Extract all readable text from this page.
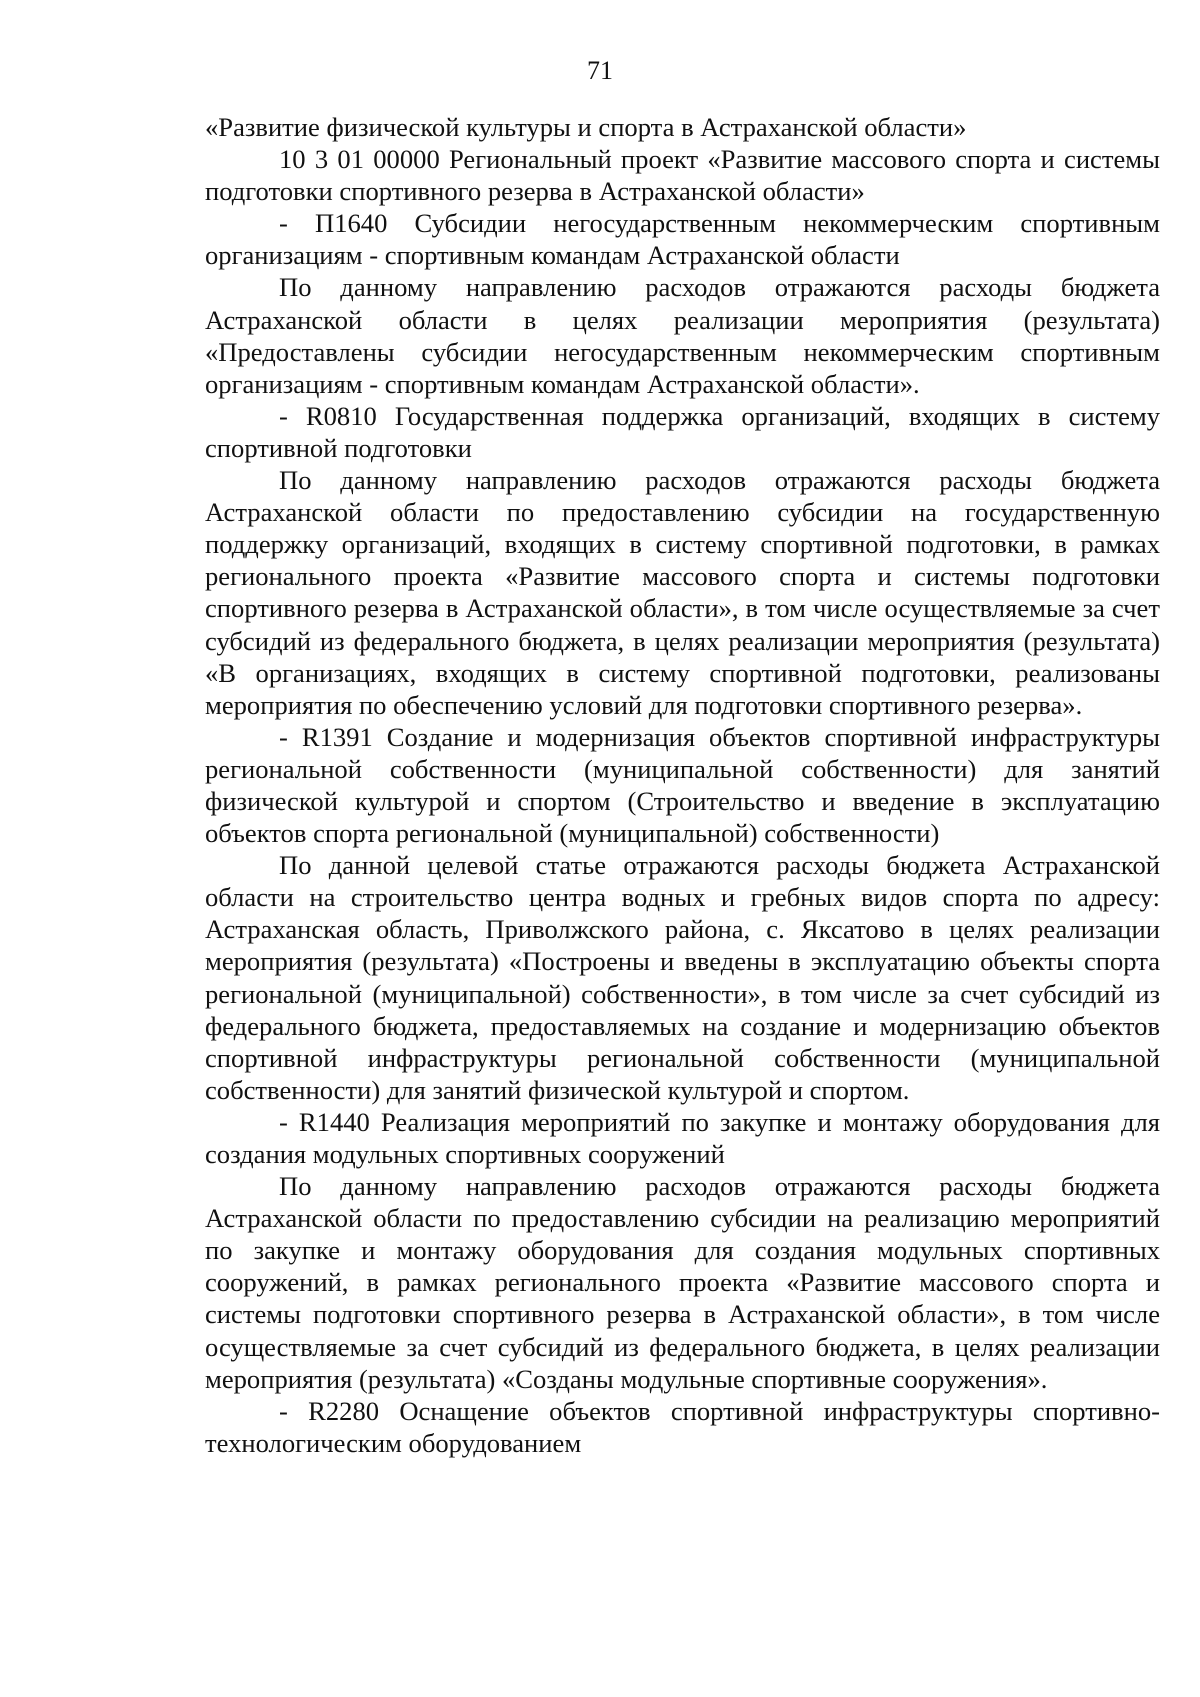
71

«Развитие физической культуры и спорта в Астраханской области»

10 3 01 00000 Региональный проект «Развитие массового спорта и системы подготовки спортивного резерва в Астраханской области»

- П1640 Субсидии негосударственным некоммерческим спортивным организациям - спортивным командам Астраханской области

По данному направлению расходов отражаются расходы бюджета Астраханской области в целях реализации мероприятия (результата) «Предоставлены субсидии негосударственным некоммерческим спортивным организациям - спортивным командам Астраханской области».

- R0810 Государственная поддержка организаций, входящих в систему спортивной подготовки

По данному направлению расходов отражаются расходы бюджета Астраханской области по предоставлению субсидии на государственную поддержку организаций, входящих в систему спортивной подготовки, в рамках регионального проекта «Развитие массового спорта и системы подготовки спортивного резерва в Астраханской области», в том числе осуществляемые за счет субсидий из федерального бюджета, в целях реализации мероприятия (результата) «В организациях, входящих в систему спортивной подготовки, реализованы мероприятия по обеспечению условий для подготовки спортивного резерва».

- R1391 Создание и модернизация объектов спортивной инфраструктуры региональной собственности (муниципальной собственности) для занятий физической культурой и спортом (Строительство и введение в эксплуатацию объектов спорта региональной (муниципальной) собственности)

По данной целевой статье отражаются расходы бюджета Астраханской области на строительство центра водных и гребных видов спорта по адресу: Астраханская область, Приволжского района, с. Яксатово в целях реализации мероприятия (результата) «Построены и введены в эксплуатацию объекты спорта региональной (муниципальной) собственности», в том числе за счет субсидий из федерального бюджета, предоставляемых на создание и модернизацию объектов спортивной инфраструктуры региональной собственности (муниципальной собственности) для занятий физической культурой и спортом.

- R1440 Реализация мероприятий по закупке и монтажу оборудования для создания модульных спортивных сооружений

По данному направлению расходов отражаются расходы бюджета Астраханской области по предоставлению субсидии на реализацию мероприятий по закупке и монтажу оборудования для создания модульных спортивных сооружений, в рамках регионального проекта «Развитие массового спорта и системы подготовки спортивного резерва в Астраханской области», в том числе осуществляемые за счет субсидий из федерального бюджета, в целях реализации мероприятия (результата) «Созданы модульные спортивные сооружения».

- R2280 Оснащение объектов спортивной инфраструктуры спортивно-технологическим оборудованием
